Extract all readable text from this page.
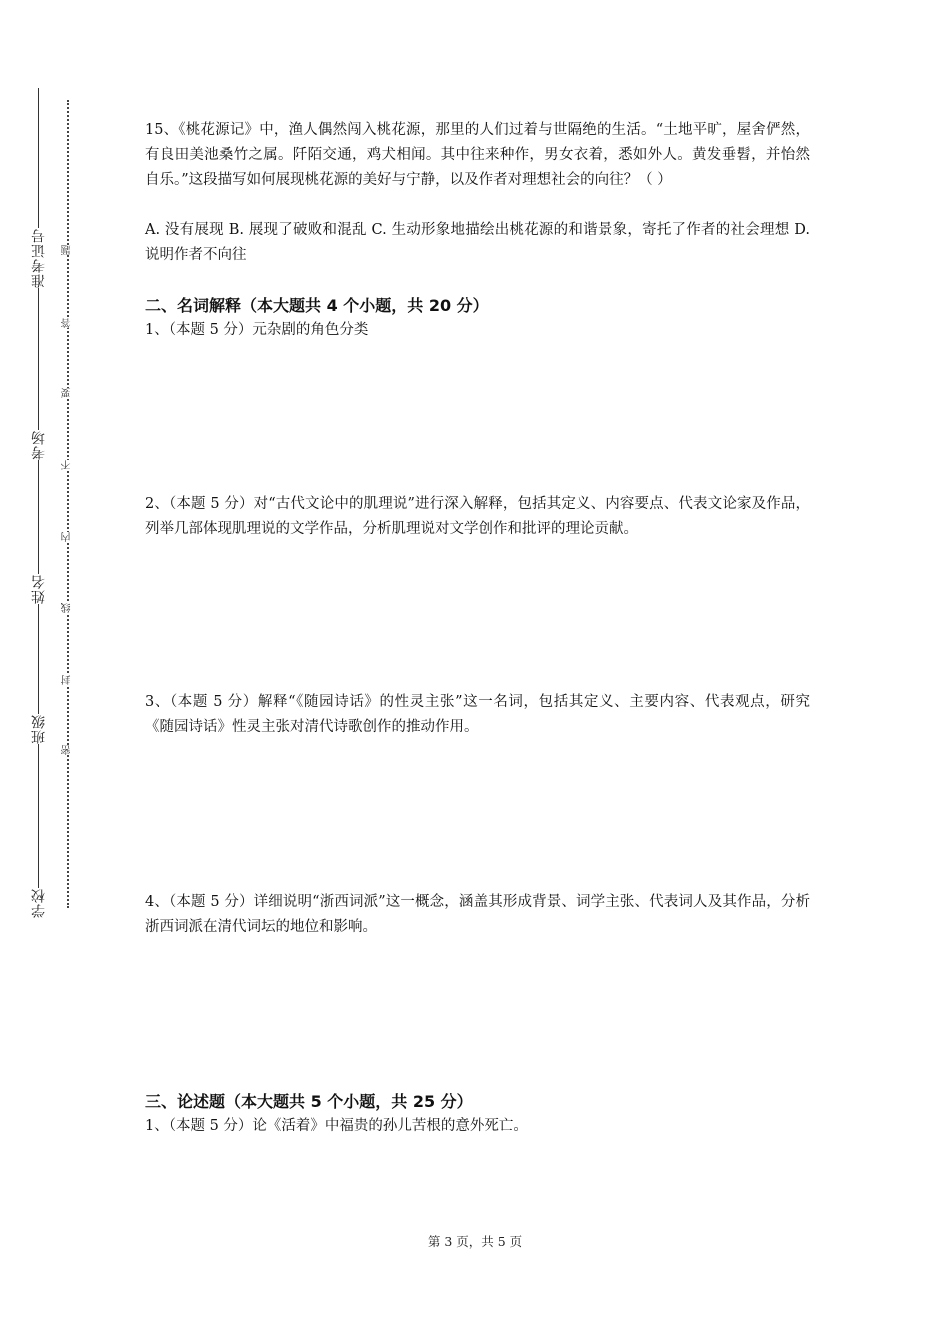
准考证号
考场
姓名
班级
学校
题
答
要
不
内
线
封
密

15、《桃花源记》中，渔人偶然闯入桃花源，那里的人们过着与世隔绝的生活。“土地平旷，屋舍俨然，有良田美池桑竹之属。阡陌交通，鸡犬相闻。其中往来种作，男女衣着，悉如外人。黄发垂髫，并怡然自乐。”这段描写如何展现桃花源的美好与宁静，以及作者对理想社会的向往？（ ）

A. 没有展现 B. 展现了破败和混乱 C. 生动形象地描绘出桃花源的和谐景象，寄托了作者的社会理想 D. 说明作者不向往

二、名词解释（本大题共 4 个小题，共 20 分）

1、（本题 5 分）元杂剧的角色分类

2、（本题 5 分）对“古代文论中的肌理说”进行深入解释，包括其定义、内容要点、代表文论家及作品，列举几部体现肌理说的文学作品，分析肌理说对文学创作和批评的理论贡献。

3、（本题 5 分）解释“《随园诗话》的性灵主张”这一名词，包括其定义、主要内容、代表观点，研究《随园诗话》性灵主张对清代诗歌创作的推动作用。

4、（本题 5 分）详细说明“浙西词派”这一概念，涵盖其形成背景、词学主张、代表词人及其作品，分析浙西词派在清代词坛的地位和影响。

三、论述题（本大题共 5 个小题，共 25 分）

1、（本题 5 分）论《活着》中福贵的孙儿苦根的意外死亡。

第 3 页，共 5 页
